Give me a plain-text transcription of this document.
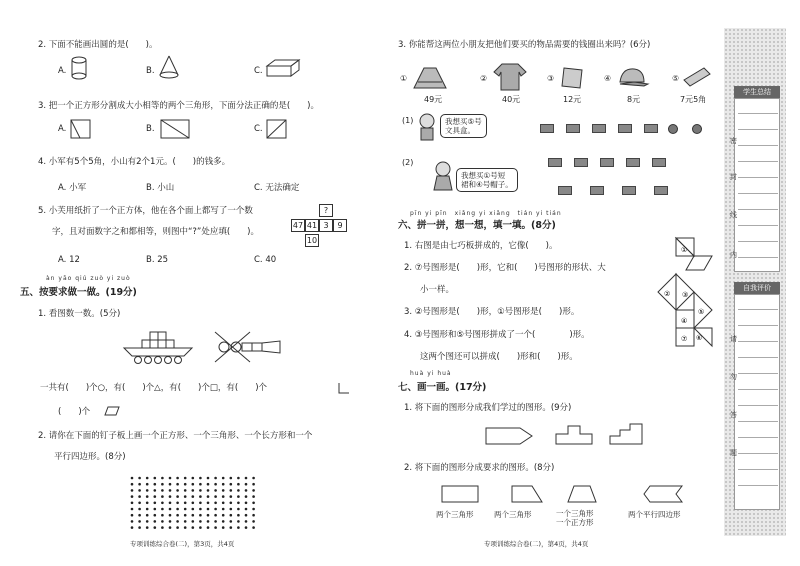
2. 下面不能画出圆的是(　　)。
A.	B.	C.
3. 把一个正方形分割成大小相等的两个三角形，下面分法正确的是(　　)。
A.	B.	C.
4. 小军有5个5角，小山有2个1元。(　　)的钱多。
A. 小军	B. 小山	C. 无法确定
5. 小芙用纸折了一个正方体，他在各个面上都写了一个数
字，且对面数字之和都相等，则图中“?”处应填(　　)。
?
47 41 3	9
10
A. 12	B. 25	C. 40
àn yāo qiú zuò yi zuò
五、按要求做一做。(19分)
1. 看图数一数。(5分)
一共有(　　)个○，有(　　)个△，有(　　)个□，有(　　)个
(　　)个
2. 请你在下面的钉子板上画一个正方形、一个三角形、一个长方形和一个
平行四边形。(8分)
专项训练综合卷(二)，第3页，共4页
3. 你能帮这两位小朋友把他们要买的物品需要的钱圈出来吗？(6分)
①
49元
②
40元
③
12元
④
8元
⑤
7元5角
(1)	我想买⑤号
文具盒。
(2)
我想买①号短
裙和④号帽子。
pīn yi pīn　xiǎng yi xiǎng　tián yi tián
六、拼一拼，想一想，填一填。(8分)
1. 右图是由七巧板拼成的，它像(　　)。
2. ⑦号图形是(　　)形，它和(　　)号图形的形状、大
小一样。
3. ②号图形是(　　)形，①号图形是(　　)形。
4. ③号图形和⑤号图形拼成了一个(　　　　)形。
这两个图还可以拼成(　　)形和(　　)形。
①
③
②
⑤
④
⑥
⑦
huà yi huà
七、画一画。(17分)
1. 将下面的图形分成我们学过的图形。(9分)
2. 将下面的图形分成要求的图形。(8分)
两个三角形	两个三角形	一个三角形
一个正方形
两个平行四边形
专项训练综合卷(二)，第4页，共4页
学生总结
自我评价
密
封
线
内
请
勿
答
题
